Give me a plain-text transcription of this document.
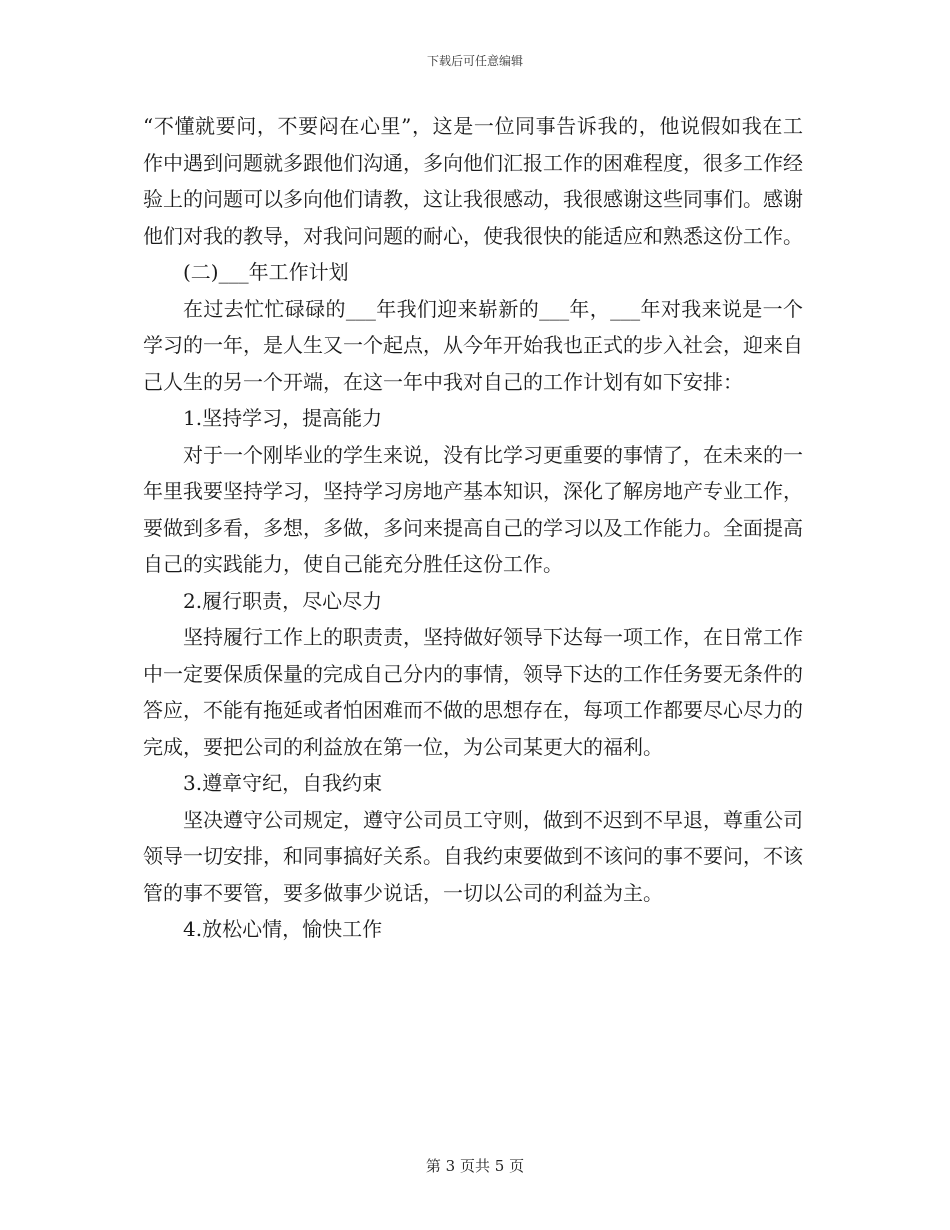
下载后可任意编辑

“不懂就要问，不要闷在心里”，这是一位同事告诉我的，他说假如我在工作中遇到问题就多跟他们沟通，多向他们汇报工作的困难程度，很多工作经验上的问题可以多向他们请教，这让我很感动，我很感谢这些同事们。感谢他们对我的教导，对我问问题的耐心，使我很快的能适应和熟悉这份工作。

(二)___年工作计划

在过去忙忙碌碌的___年我们迎来崭新的___年，___年对我来说是一个学习的一年，是人生又一个起点，从今年开始我也正式的步入社会，迎来自己人生的另一个开端，在这一年中我对自己的工作计划有如下安排：

1.坚持学习，提高能力

对于一个刚毕业的学生来说，没有比学习更重要的事情了，在未来的一年里我要坚持学习，坚持学习房地产基本知识，深化了解房地产专业工作，要做到多看，多想，多做，多问来提高自己的学习以及工作能力。全面提高自己的实践能力，使自己能充分胜任这份工作。

2.履行职责，尽心尽力

坚持履行工作上的职责责，坚持做好领导下达每一项工作，在日常工作中一定要保质保量的完成自己分内的事情，领导下达的工作任务要无条件的答应，不能有拖延或者怕困难而不做的思想存在，每项工作都要尽心尽力的完成，要把公司的利益放在第一位，为公司某更大的福利。

3.遵章守纪，自我约束

坚决遵守公司规定，遵守公司员工守则，做到不迟到不早退，尊重公司领导一切安排，和同事搞好关系。自我约束要做到不该问的事不要问，不该管的事不要管，要多做事少说话，一切以公司的利益为主。

4.放松心情，愉快工作

第 3 页共 5 页
